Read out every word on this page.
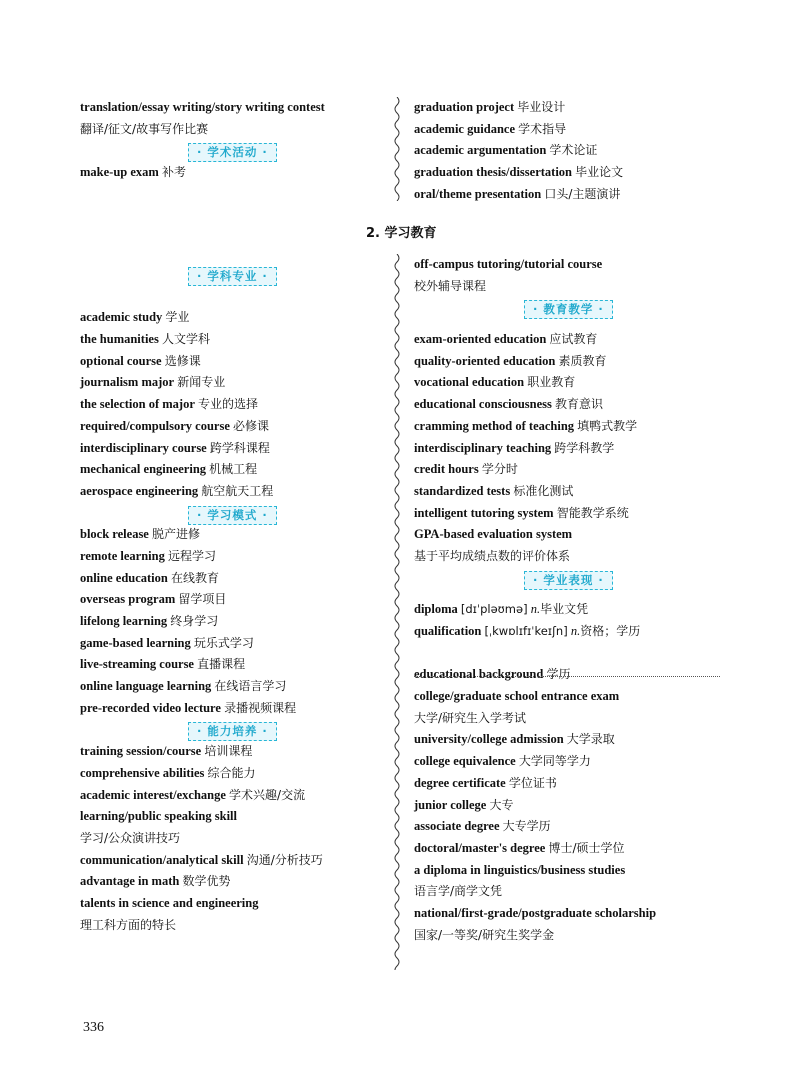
translation/essay writing/story writing contest
翻译/征文/故事写作比赛
· 学术活动 ·
make-up exam 补考
graduation project 毕业设计
academic guidance 学术指导
academic argumentation 学术论证
graduation thesis/dissertation 毕业论文
oral/theme presentation 口头/主题演讲
2. 学习教育
· 学科专业 ·
academic study 学业
the humanities 人文学科
optional course 选修课
journalism major 新闻专业
the selection of major 专业的选择
required/compulsory course 必修课
interdisciplinary course 跨学科课程
mechanical engineering 机械工程
aerospace engineering 航空航天工程
· 学习模式 ·
block release 脱产进修
remote learning 远程学习
online education 在线教育
overseas program 留学项目
lifelong learning 终身学习
game-based learning 玩乐式学习
live-streaming course 直播课程
online language learning 在线语言学习
pre-recorded video lecture 录播视频课程
· 能力培养 ·
training session/course 培训课程
comprehensive abilities 综合能力
academic interest/exchange 学术兴趣/交流
learning/public speaking skill
学习/公众演讲技巧
communication/analytical skill 沟通/分析技巧
advantage in math 数学优势
talents in science and engineering
理工科方面的特长
off-campus tutoring/tutorial course
校外辅导课程
· 教育教学 ·
exam-oriented education 应试教育
quality-oriented education 素质教育
vocational education 职业教育
educational consciousness 教育意识
cramming method of teaching 填鸭式教学
interdisciplinary teaching 跨学科教学
credit hours 学分时
standardized tests 标准化测试
intelligent tutoring system 智能教学系统
GPA-based evaluation system
基于平均成绩点数的评价体系
· 学业表现 ·
diploma [dɪˈpləʊmə] n.毕业文凭
qualification [ˌkwɒlɪfɪˈkeɪʃn] n.资格；学历
educational background 学历
college/graduate school entrance exam
大学/研究生入学考试
university/college admission 大学录取
college equivalence 大学同等学力
degree certificate 学位证书
junior college 大专
associate degree 大专学历
doctoral/master's degree 博士/硕士学位
a diploma in linguistics/business studies
语言学/商学文凭
national/first-grade/postgraduate scholarship
国家/一等奖/研究生奖学金
336
